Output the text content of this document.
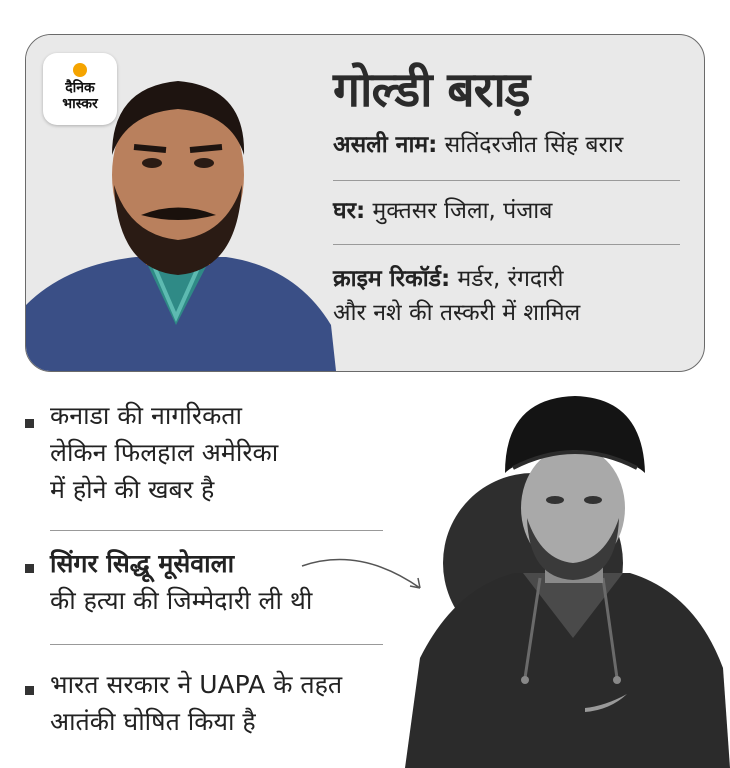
दैनिक
भास्कर	गोल्डी बराड़
असली नाम: सतिंदरजीत सिंह बरार
घर: मुक्तसर जिला, पंजाब
क्राइम रिकॉर्ड: मर्डर, रंगदारी
और नशे की तस्करी में शामिल
कनाडा की नागरिकता
लेकिन फिलहाल अमेरिका
में होने की खबर है
सिंगर सिद्धू मूसेवाला
की हत्या की जिम्मेदारी ली थी
भारत सरकार ने UAPA के तहत
आतंकी घोषित किया है
